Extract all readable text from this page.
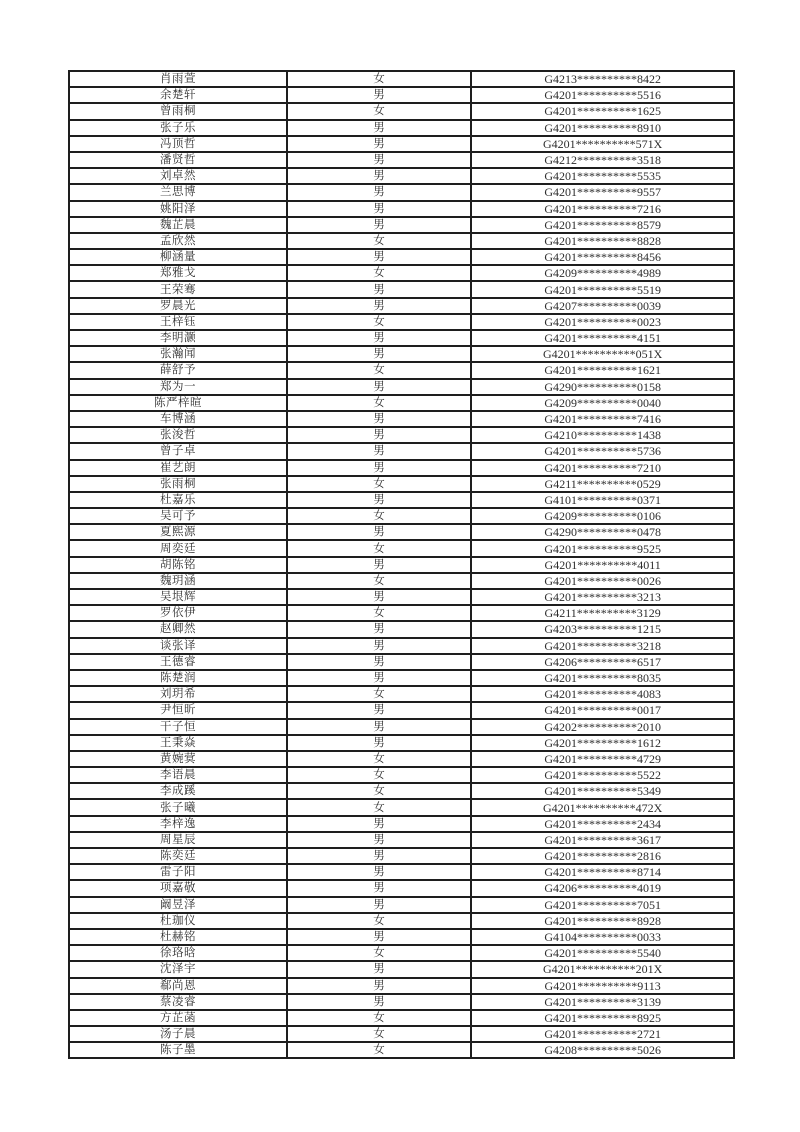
肖雨萱	女	G4213**********8422
余楚轩	男	G4201**********5516
曾雨桐	女	G4201**********1625
张子乐	男	G4201**********8910
冯顶哲	男	G4201**********571X
潘贤哲	男	G4212**********3518
刘卓然	男	G4201**********5535
兰思博	男	G4201**********9557
姚阳泽	男	G4201**********7216
魏芷晨	男	G4201**********8579
孟欣然	女	G4201**********8828
柳涵量	男	G4201**********8456
郑雅戈	女	G4209**********4989
王荣骞	男	G4201**********5519
罗晨光	男	G4207**********0039
王梓钰	女	G4201**********0023
李明灏	男	G4201**********4151
张瀚闻	男	G4201**********051X
薛舒予	女	G4201**********1621
郑为一	男	G4290**********0158
陈严梓暄	女	G4209**********0040
车博涵	男	G4201**********7416
张浚哲	男	G4210**********1438
曾子卓	男	G4201**********5736
崔艺朗	男	G4201**********7210
张雨桐	女	G4211**********0529
杜嘉乐	男	G4101**********0371
吴可予	女	G4209**********0106
夏熙源	男	G4290**********0478
周奕廷	女	G4201**********9525
胡陈铭	男	G4201**********4011
魏玥涵	女	G4201**********0026
吴垠辉	男	G4201**********3213
罗依伊	女	G4211**********3129
赵卿然	男	G4203**********1215
谈张译	男	G4201**********3218
王德睿	男	G4206**********6517
陈楚润	男	G4201**********8035
刘玥希	女	G4201**********4083
尹恒昕	男	G4201**********0017
干子恒	男	G4202**********2010
王秉焱	男	G4201**********1612
黄婉蓂	女	G4201**********4729
李语晨	女	G4201**********5522
李成蹊	女	G4201**********5349
张子曦	女	G4201**********472X
李梓逸	男	G4201**********2434
周星辰	男	G4201**********3617
陈奕廷	男	G4201**********2816
雷子阳	男	G4201**********8714
项嘉敬	男	G4206**********4019
阚昱泽	男	G4201**********7051
杜珈仪	女	G4201**********8928
杜赫铭	男	G4104**********0033
徐珞晗	女	G4201**********5540
沈泽宇	男	G4201**********201X
郗尚恩	男	G4201**********9113
蔡凌睿	男	G4201**********3139
方芷菡	女	G4201**********8925
汤子晨	女	G4201**********2721
陈子墨	女	G4208**********5026
